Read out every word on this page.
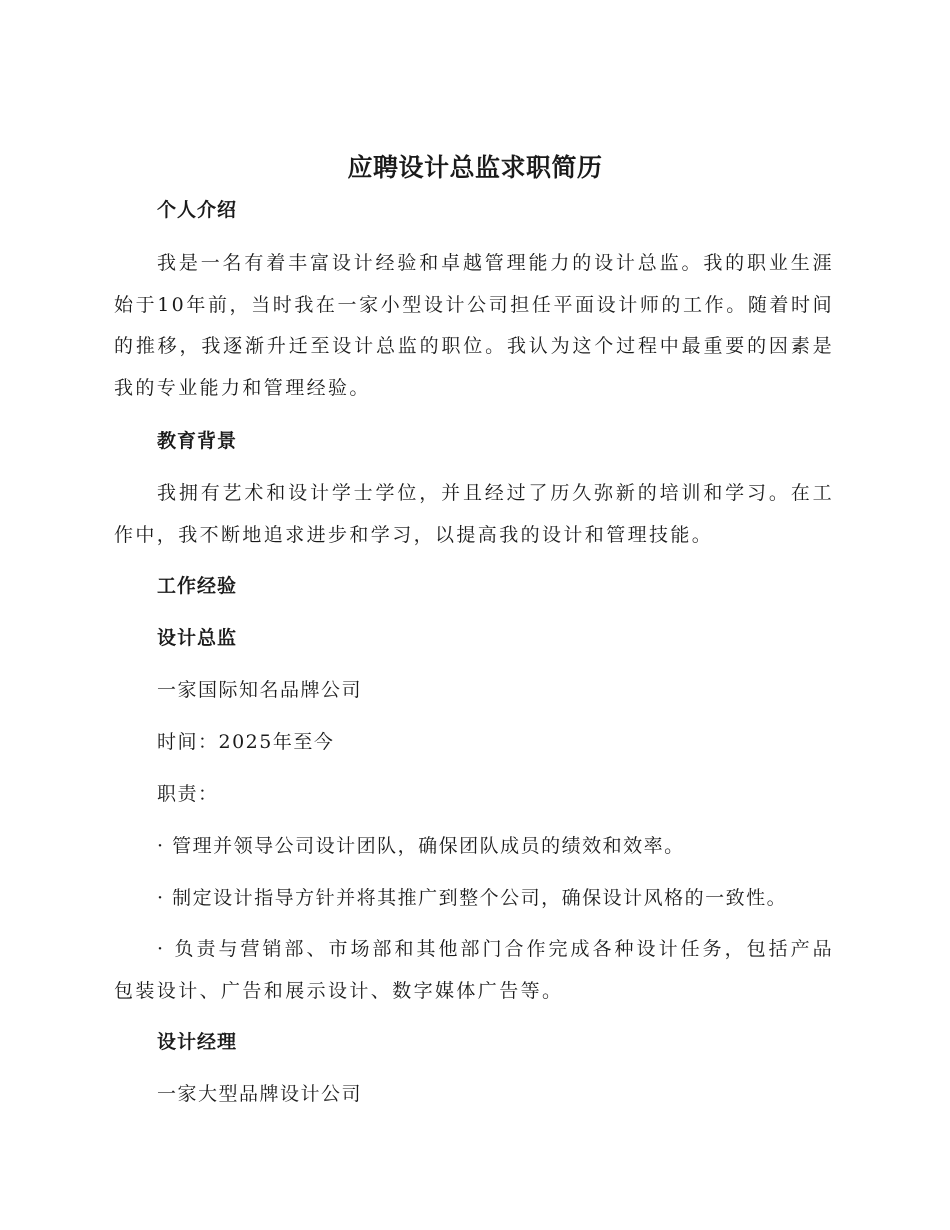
应聘设计总监求职简历
个人介绍

我是一名有着丰富设计经验和卓越管理能力的设计总监。我的职业生涯始于10年前，当时我在一家小型设计公司担任平面设计师的工作。随着时间的推移，我逐渐升迁至设计总监的职位。我认为这个过程中最重要的因素是我的专业能力和管理经验。

教育背景

我拥有艺术和设计学士学位，并且经过了历久弥新的培训和学习。在工作中，我不断地追求进步和学习，以提高我的设计和管理技能。

工作经验
设计总监
一家国际知名品牌公司
时间：2025年至今
职责：
· 管理并领导公司设计团队，确保团队成员的绩效和效率。
· 制定设计指导方针并将其推广到整个公司，确保设计风格的一致性。

· 负责与营销部、市场部和其他部门合作完成各种设计任务，包括产品包装设计、广告和展示设计、数字媒体广告等。

设计经理
一家大型品牌设计公司
